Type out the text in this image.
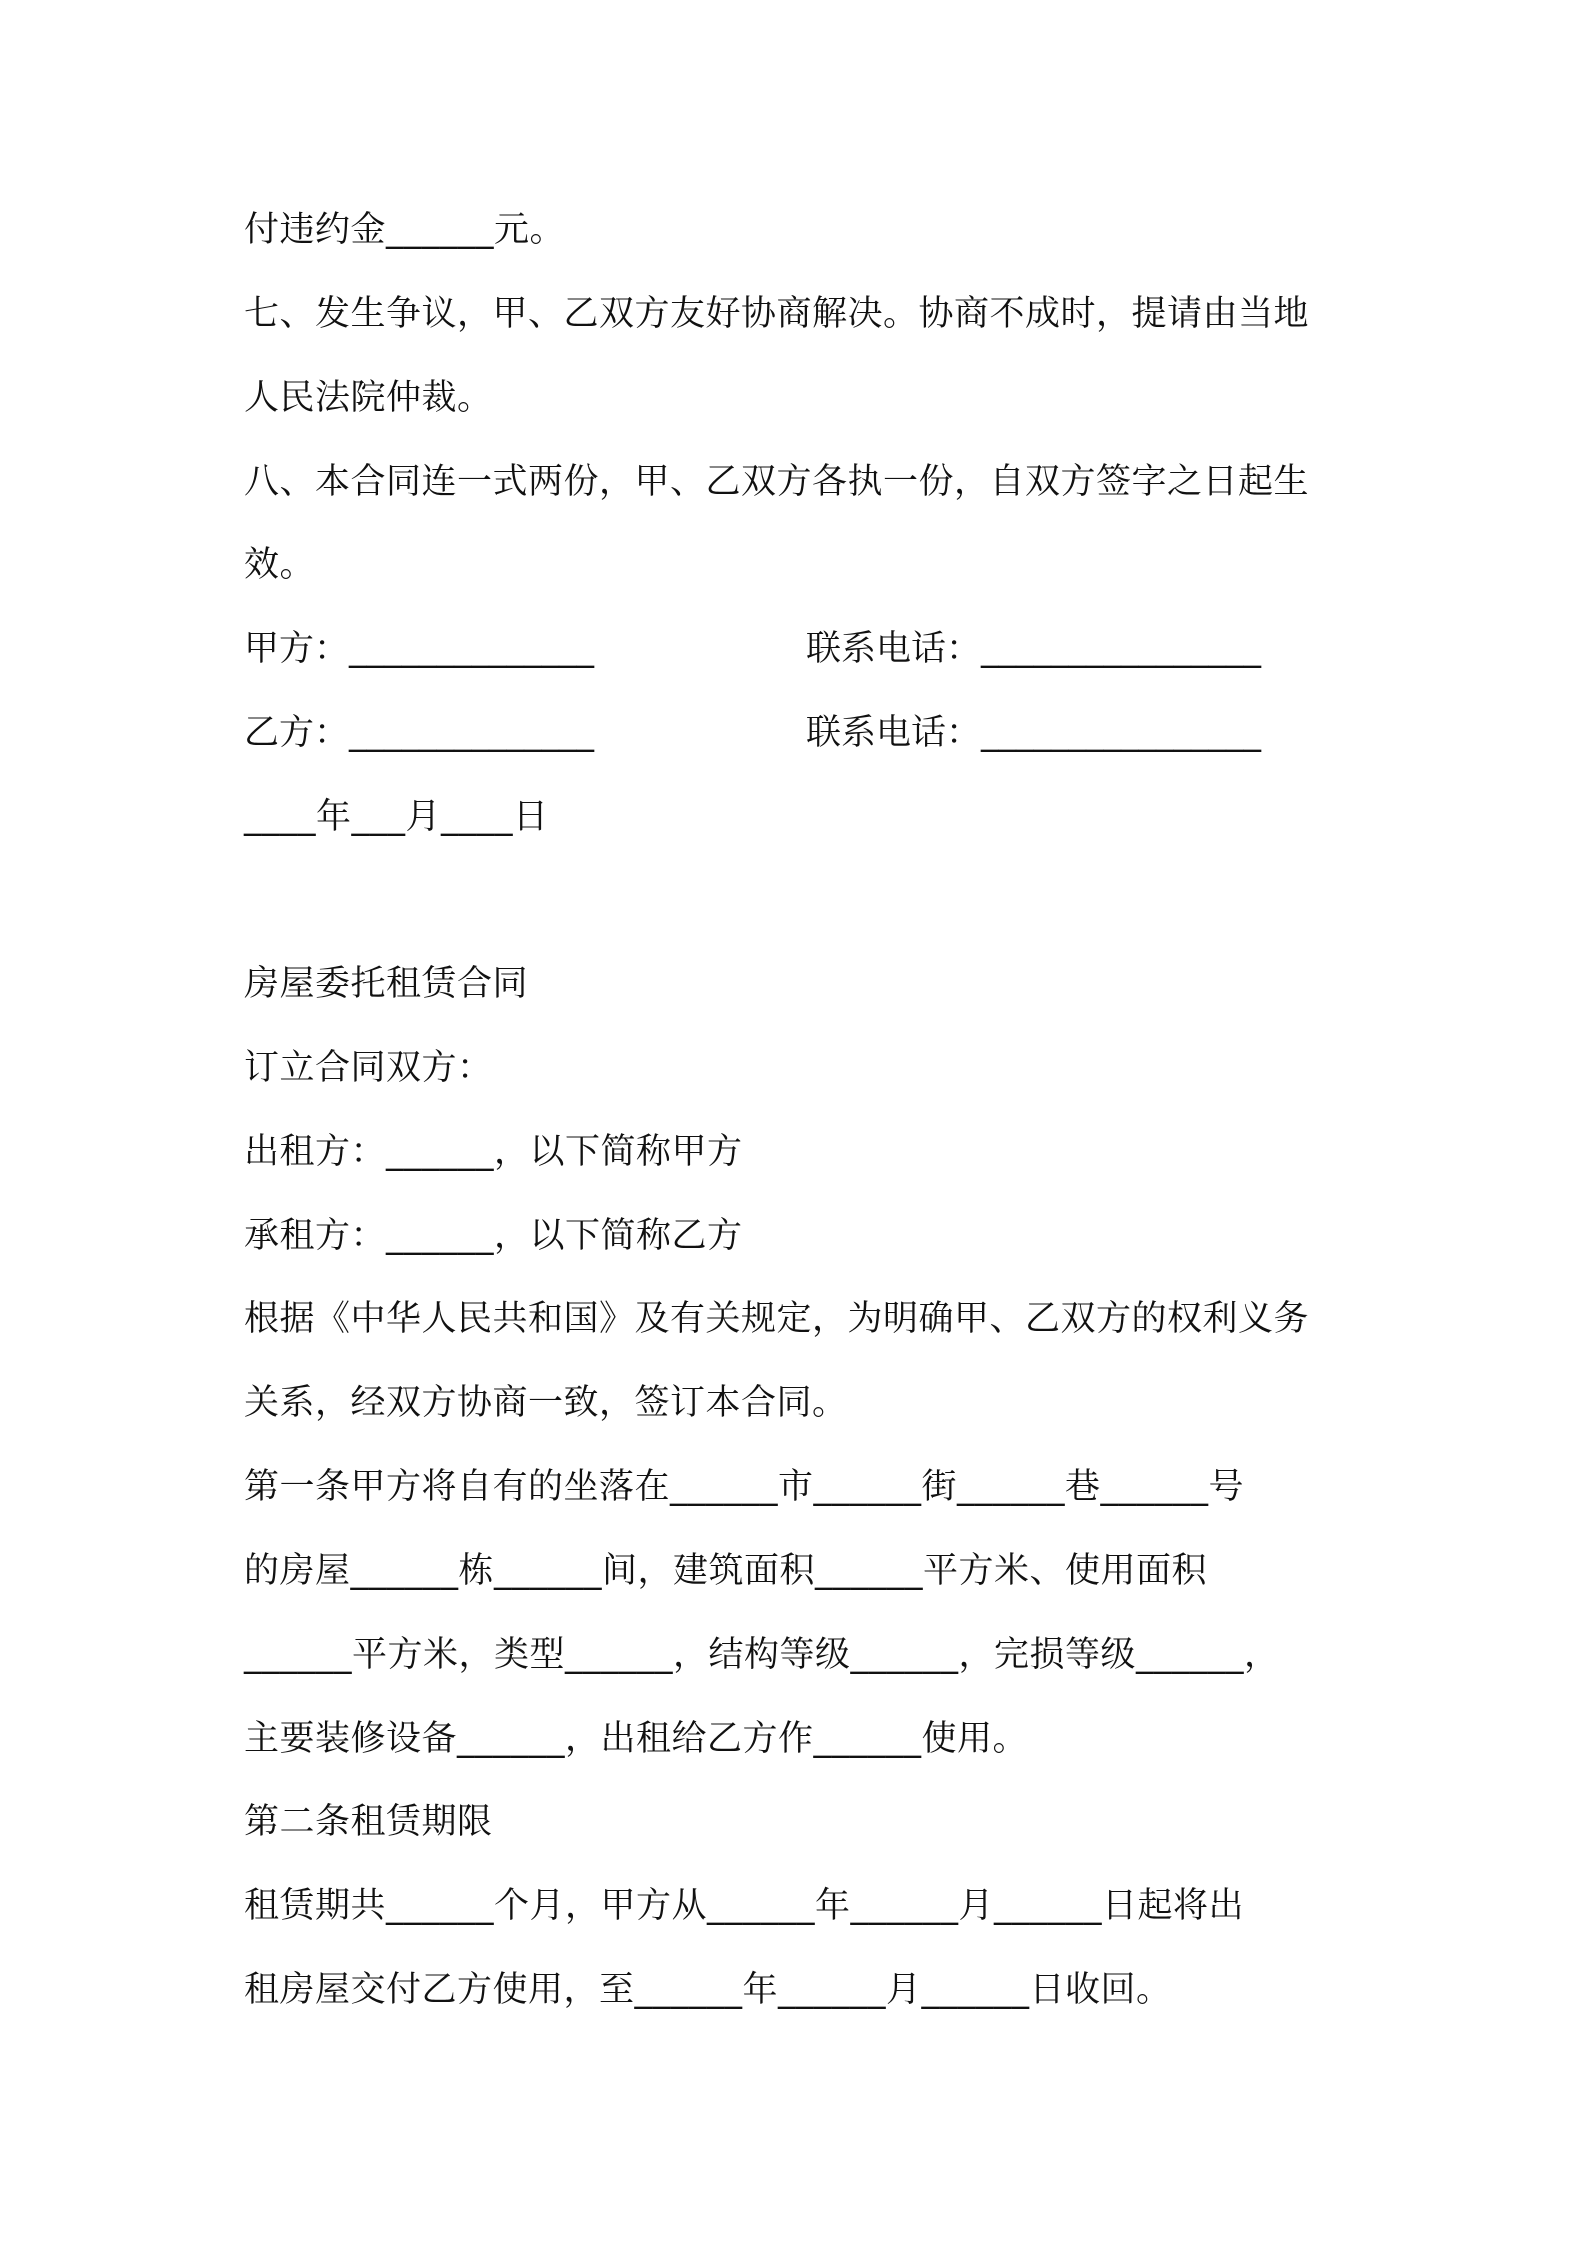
付违约金______元。
七、发生争议，甲、乙双方友好协商解决。协商不成时，提请由当地
人民法院仲裁。
八、本合同连一式两份，甲、乙双方各执一份，自双方签字之日起生
效。
甲方：______________	联系电话：________________
乙方：______________	联系电话：________________
____年___月____日
房屋委托租赁合同
订立合同双方：
出租方：______，以下简称甲方
承租方：______，以下简称乙方
根据《中华人民共和国》及有关规定，为明确甲、乙双方的权利义务
关系，经双方协商一致，签订本合同。
第一条甲方将自有的坐落在______市______街______巷______号
的房屋______栋______间，建筑面积______平方米、使用面积
______平方米，类型______，结构等级______，完损等级______，
主要装修设备______，出租给乙方作______使用。
第二条租赁期限
租赁期共______个月，甲方从______年______月______日起将出
租房屋交付乙方使用，至______年______月______日收回。
